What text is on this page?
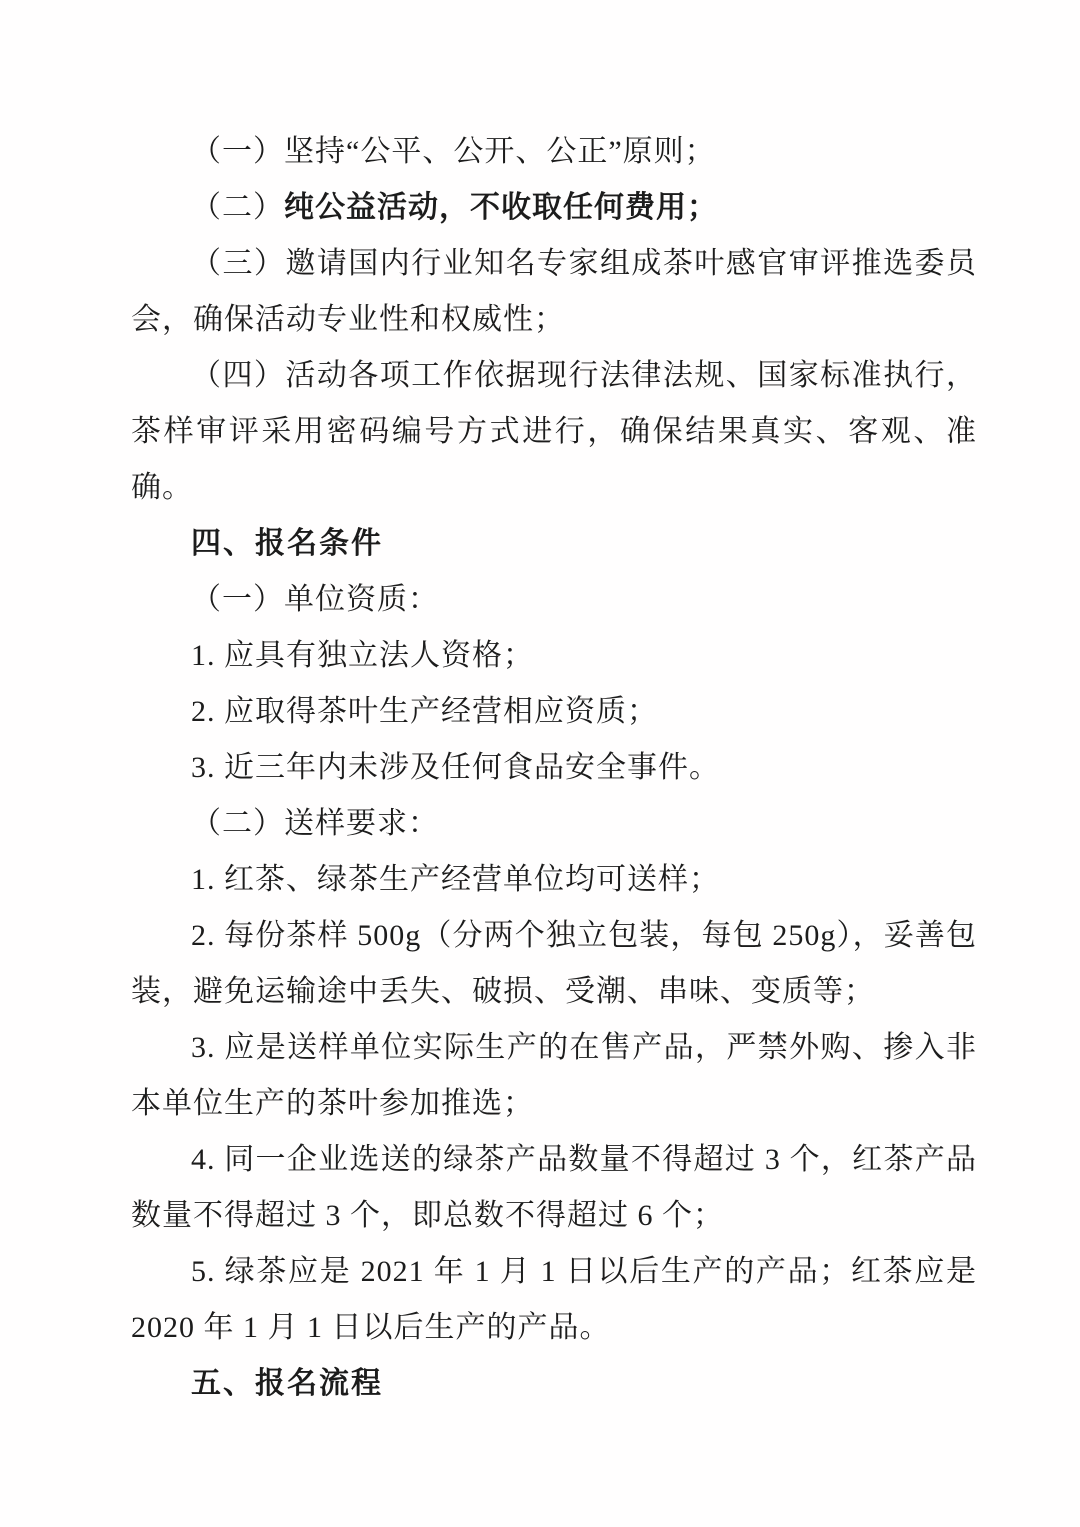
（一）坚持“公平、公开、公正”原则；

（二）纯公益活动，不收取任何费用；

（三）邀请国内行业知名专家组成茶叶感官审评推选委员会，确保活动专业性和权威性；

（四）活动各项工作依据现行法律法规、国家标准执行，茶样审评采用密码编号方式进行，确保结果真实、客观、准确。

四、报名条件

（一）单位资质：

1. 应具有独立法人资格；

2. 应取得茶叶生产经营相应资质；

3. 近三年内未涉及任何食品安全事件。

（二）送样要求：

1. 红茶、绿茶生产经营单位均可送样；

2. 每份茶样 500g（分两个独立包装，每包 250g），妥善包装，避免运输途中丢失、破损、受潮、串味、变质等；

3. 应是送样单位实际生产的在售产品，严禁外购、掺入非本单位生产的茶叶参加推选；

4. 同一企业选送的绿茶产品数量不得超过 3 个，红茶产品数量不得超过 3 个，即总数不得超过 6 个；

5. 绿茶应是 2021 年 1 月 1 日以后生产的产品；红茶应是 2020 年 1 月 1 日以后生产的产品。

五、报名流程
